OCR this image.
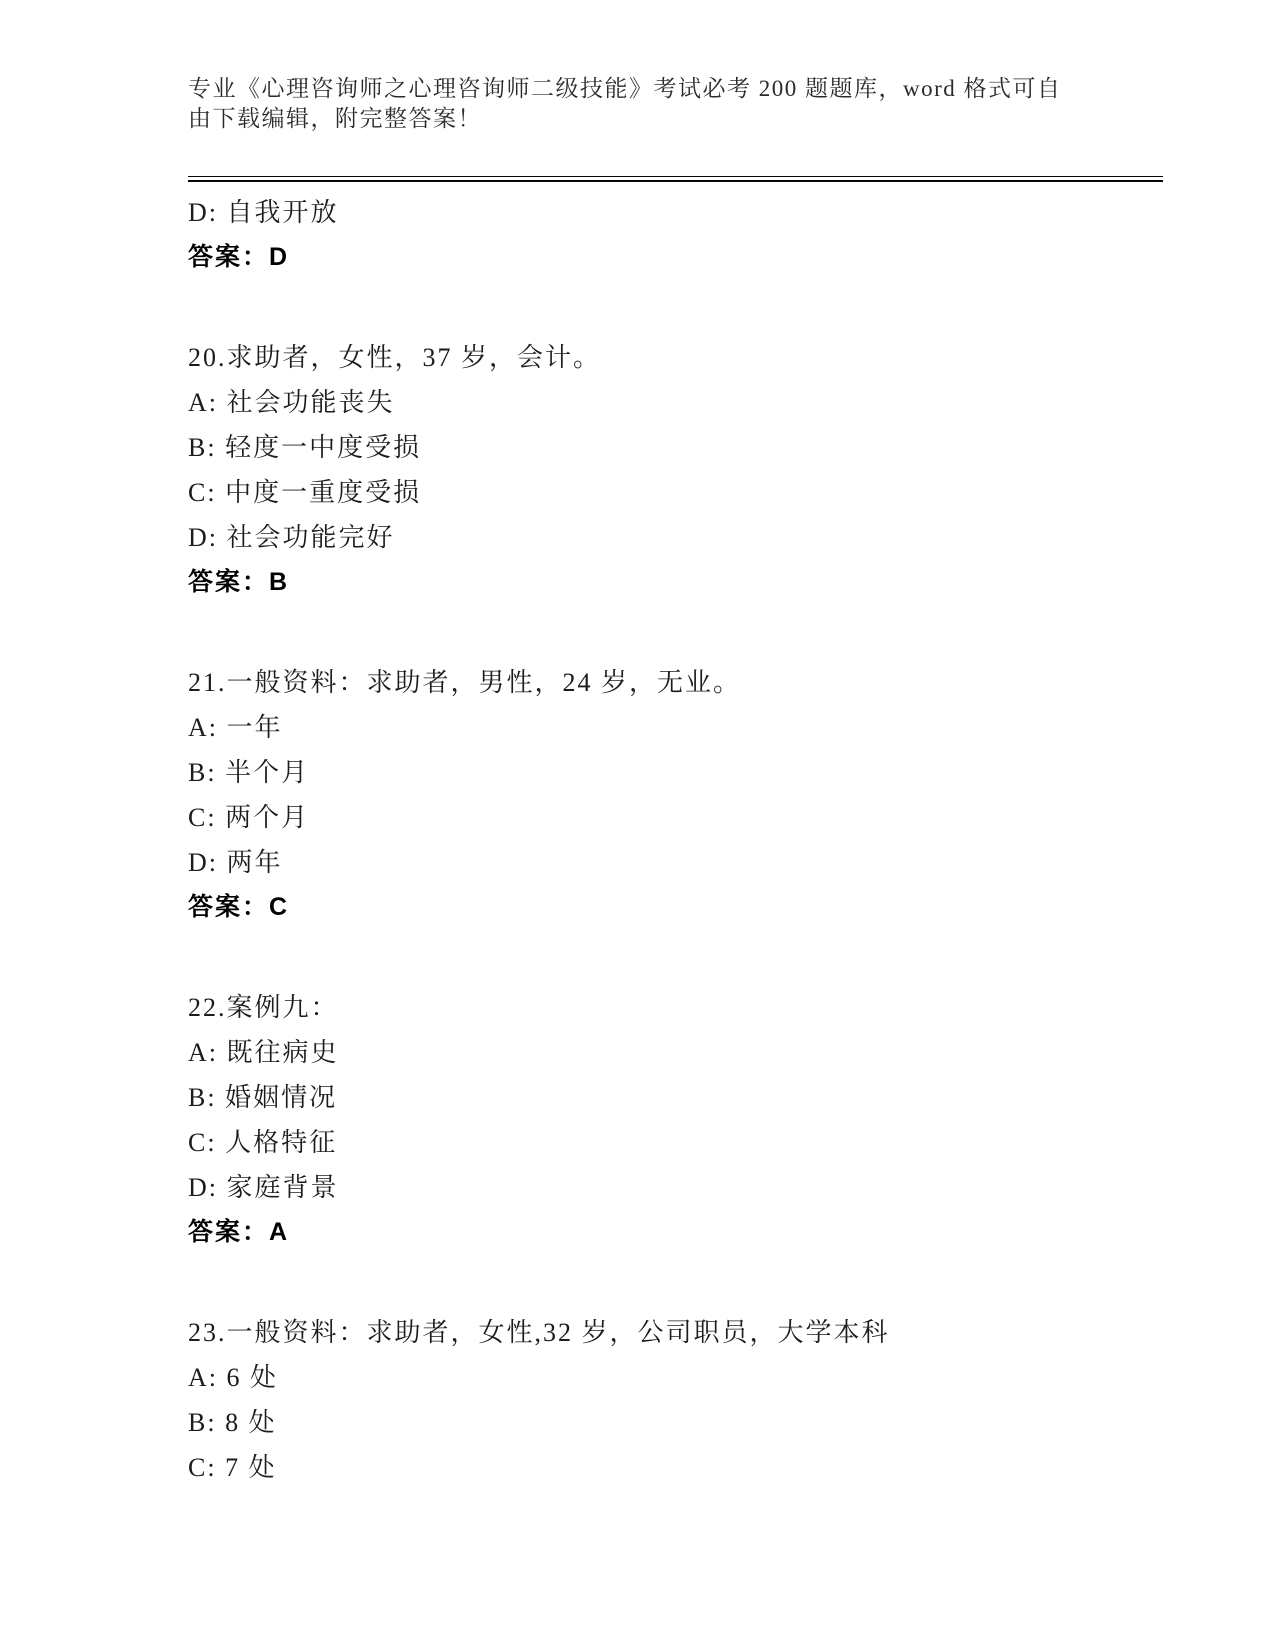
专业《心理咨询师之心理咨询师二级技能》考试必考 200 题题库，word 格式可自
由下载编辑，附完整答案！
D: 自我开放
答案：D
20.求助者，女性，37 岁，会计。
A: 社会功能丧失
B: 轻度一中度受损
C: 中度一重度受损
D: 社会功能完好
答案：B
21.一般资料：求助者，男性，24 岁，无业。
A: 一年
B: 半个月
C: 两个月
D: 两年
答案：C
22.案例九：
A: 既往病史
B: 婚姻情况
C: 人格特征
D: 家庭背景
答案：A
23.一般资料：求助者，女性,32 岁，公司职员，大学本科
A: 6 处
B: 8 处
C: 7 处
